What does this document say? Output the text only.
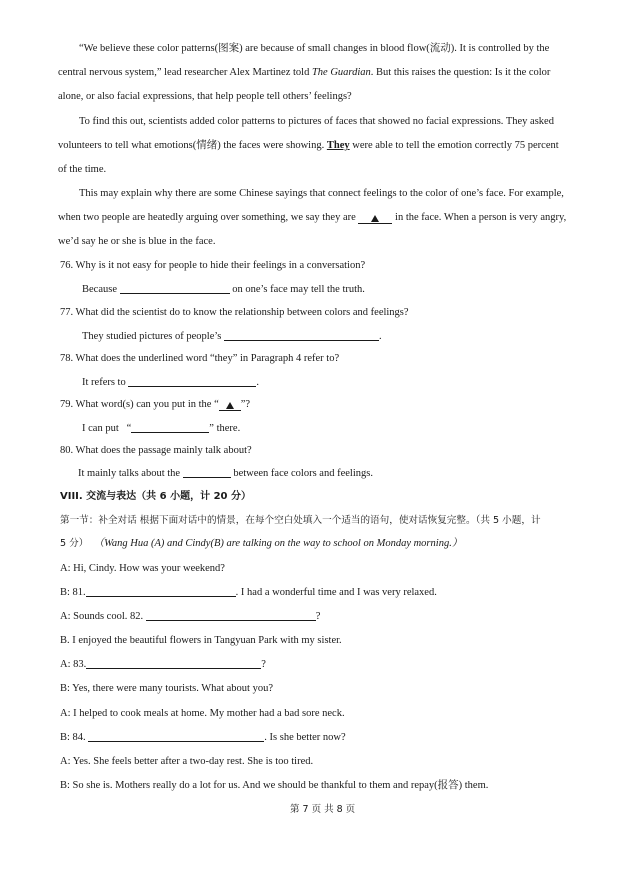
“We believe these color patterns(图案) are because of small changes in blood flow(流动). It is controlled by the
central nervous system,” lead researcher Alex Martinez told The Guardian. But this raises the question: Is it the color
alone, or also facial expressions, that help people tell others’ feelings?
To find this out, scientists added color patterns to pictures of faces that showed no facial expressions. They asked
volunteers to tell what emotions(情绪) the faces were showing. They were able to tell the emotion correctly 75 percent
of the time.
This may explain why there are some Chinese sayings that connect feelings to the color of one’s face. For example,
when two people are heatedly arguing over something, we say they are	in the face. When a person is very angry,
we’d say he or she is blue in the face.
76. Why is it not easy for people to hide their feelings in a conversation?
Because	on one’s face may tell the truth.
77. What did the scientist do to know the relationship between colors and feelings?
They studied pictures of people’s	.
78. What does the underlined word “they” in Paragraph 4 refer to?
It refers to	.
79. What word(s) can you put in the “ ”?
I can put “	” there.
80. What does the passage mainly talk about?
It mainly talks about the	between face colors and feelings.
VIII. 交流与表达（共 6 小题，计 20 分）
第一节：补全对话 根据下面对话中的情景，在每个空白处填入一个适当的语句，使对话恢复完整。（共 5 小题，计
5 分） （Wang Hua (A) and Cindy(B) are talking on the way to school on Monday morning.）
A: Hi, Cindy. How was your weekend?
B: 81.	. I had a wonderful time and I was very relaxed.
A: Sounds cool. 82.	?
B. I enjoyed the beautiful flowers in Tangyuan Park with my sister.
A: 83.	?
B: Yes, there were many tourists. What about you?
A: I helped to cook meals at home. My mother had a bad sore neck.
B: 84.	. Is she better now?
A: Yes. She feels better after a two-day rest. She is too tired.
B: So she is. Mothers really do a lot for us. And we should be thankful to them and repay(报答) them.
第 7 页 共 8 页
